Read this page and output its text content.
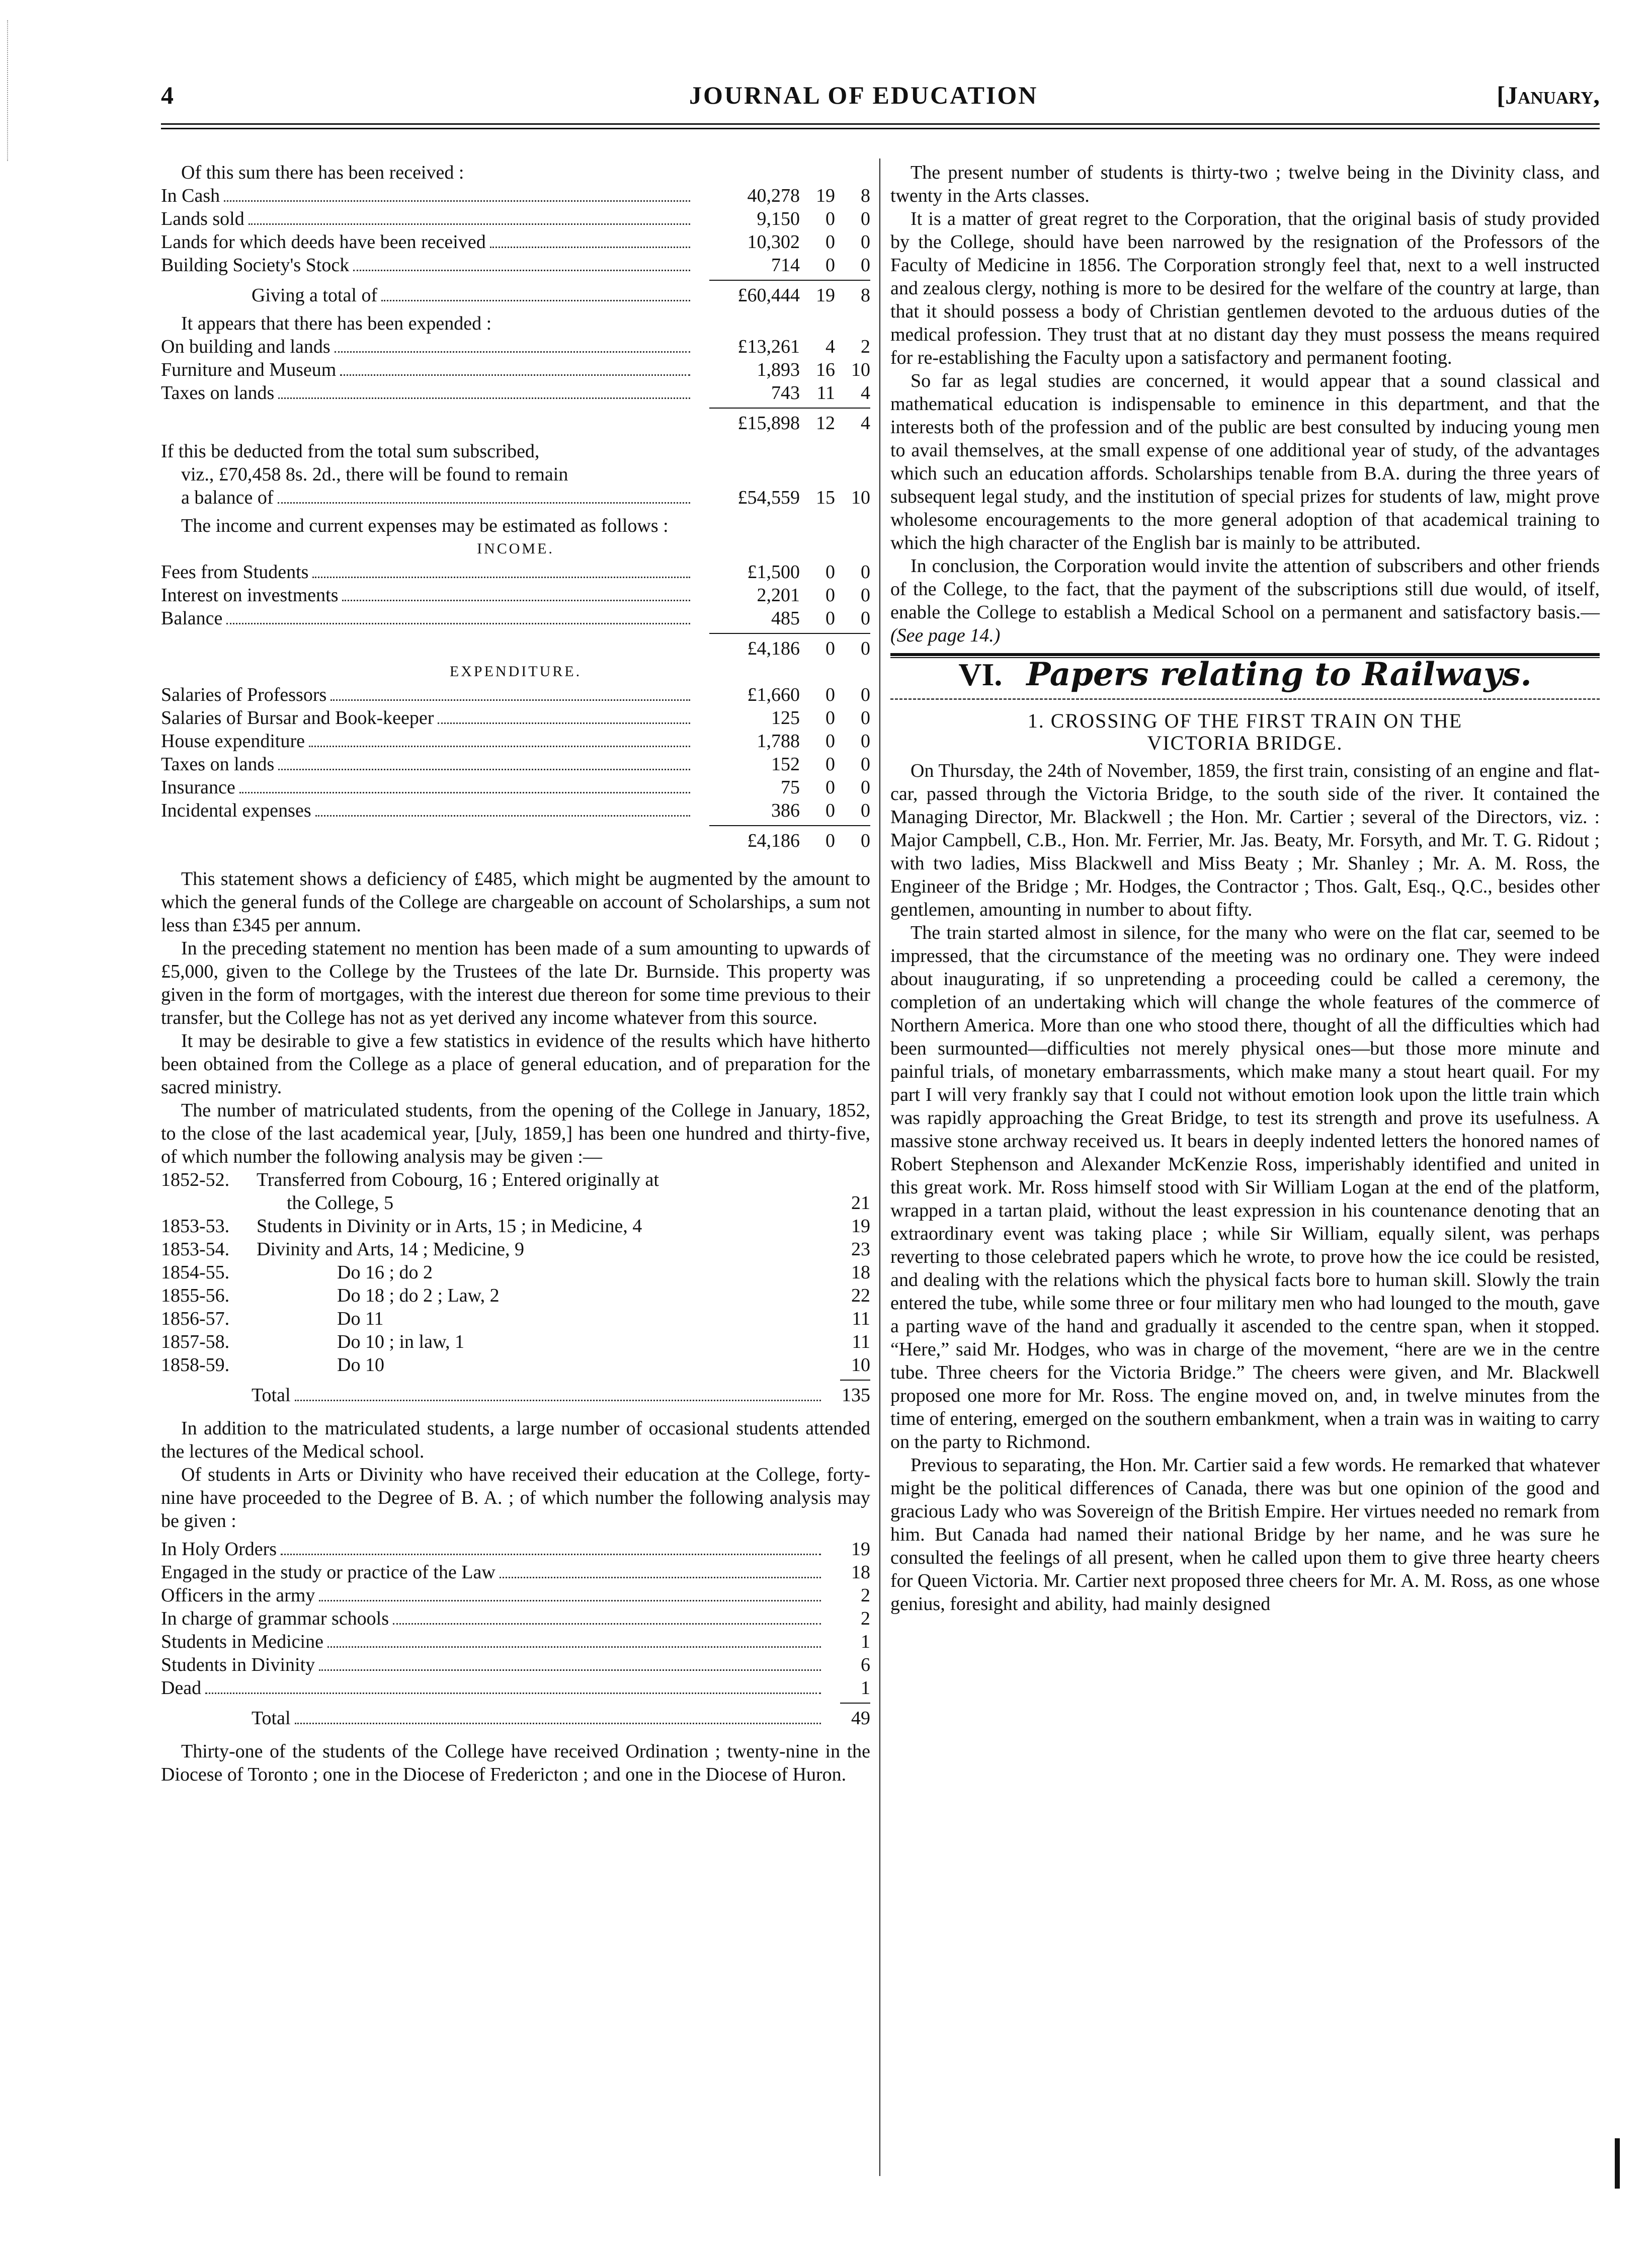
4	JOURNAL OF EDUCATION	[January,

Of this sum there has been received :

In Cash	40,278 19	8
Lands sold	9,150	0	0
Lands for which deeds have been received	10,302	0	0
Building Society's Stock	714	0	0
Giving a total of	£60,444 19	8

It appears that there has been expended :

On building and lands	£13,261	4	2
Furniture and Museum	1,893 16 10
Taxes on lands	743 11	4
£15,898 12	4

If this be deducted from the total sum subscribed,

viz., £70,458 8s. 2d., there will be found to remain

a balance of	£54,559 15 10

The income and current expenses may be estimated as follows :

INCOME.
Fees from Students	£1,500	0	0
Interest on investments	2,201	0	0
Balance	485	0	0
£4,186	0	0
EXPENDITURE.
Salaries of Professors	£1,660	0	0
Salaries of Bursar and Book-keeper	125	0	0
House expenditure	1,788	0	0
Taxes on lands	152	0	0
Insurance	75	0	0
Incidental expenses	386	0	0
£4,186	0	0

This statement shows a deficiency of £485, which might be augmented by the amount to which the general funds of the College are chargeable on account of Scholarships, a sum not less than £345 per annum.

In the preceding statement no mention has been made of a sum amounting to upwards of £5,000, given to the College by the Trustees of the late Dr. Burnside. This property was given in the form of mortgages, with the interest due thereon for some time previous to their transfer, but the College has not as yet derived any income whatever from this source.

It may be desirable to give a few statistics in evidence of the results which have hitherto been obtained from the College as a place of general education, and of preparation for the sacred ministry.

The number of matriculated students, from the opening of the College in January, 1852, to the close of the last academical year, [July, 1859,] has been one hundred and thirty-five, of which number the following analysis may be given :—

1852-52.	Transferred from Cobourg, 16 ; Entered originally at
the College, 5	21
1853-53.	Students in Divinity or in Arts, 15 ; in Medicine, 4	19
1853-54.	Divinity and Arts, 14 ; Medicine, 9	23
1854-55.	Do 16 ; do 2	18
1855-56.	Do 18 ; do 2 ; Law, 2	22
1856-57.	Do 11	11
1857-58.	Do 10 ; in law, 1	11
1858-59.	Do 10	10
Total	135

In addition to the matriculated students, a large number of occasional students attended the lectures of the Medical school.

Of students in Arts or Divinity who have received their education at the College, forty-nine have proceeded to the Degree of B. A. ; of which number the following analysis may be given :

In Holy Orders	19
Engaged in the study or practice of the Law	18
Officers in the army	2
In charge of grammar schools	2
Students in Medicine	1
Students in Divinity	6
Dead	1
Total	49

Thirty-one of the students of the College have received Ordination ; twenty-nine in the Diocese of Toronto ; one in the Diocese of Fredericton ; and one in the Diocese of Huron.

The present number of students is thirty-two ; twelve being in the Divinity class, and twenty in the Arts classes.

It is a matter of great regret to the Corporation, that the original basis of study provided by the College, should have been narrowed by the resignation of the Professors of the Faculty of Medicine in 1856. The Corporation strongly feel that, next to a well instructed and zealous clergy, nothing is more to be desired for the welfare of the country at large, than that it should possess a body of Christian gentlemen devoted to the arduous duties of the medical profession. They trust that at no distant day they must possess the means required for re-establishing the Faculty upon a satisfactory and permanent footing.

So far as legal studies are concerned, it would appear that a sound classical and mathematical education is indispensable to eminence in this department, and that the interests both of the profession and of the public are best consulted by inducing young men to avail themselves, at the small expense of one additional year of study, of the advantages which such an education affords. Scholarships tenable from B.A. during the three years of subsequent legal study, and the institution of special prizes for students of law, might prove wholesome encouragements to the more general adoption of that academical training to which the high character of the English bar is mainly to be attributed.

In conclusion, the Corporation would invite the attention of subscribers and other friends of the College, to the fact, that the payment of the subscriptions still due would, of itself, enable the College to establish a Medical School on a permanent and satisfactory basis.— (See page 14.)

VI. Papers relating to Railways.
1. CROSSING OF THE FIRST TRAIN ON THE
VICTORIA BRIDGE.

On Thursday, the 24th of November, 1859, the first train, consisting of an engine and flat-car, passed through the Victoria Bridge, to the south side of the river. It contained the Managing Director, Mr. Blackwell ; the Hon. Mr. Cartier ; several of the Directors, viz. : Major Campbell, C.B., Hon. Mr. Ferrier, Mr. Jas. Beaty, Mr. Forsyth, and Mr. T. G. Ridout ; with two ladies, Miss Blackwell and Miss Beaty ; Mr. Shanley ; Mr. A. M. Ross, the Engineer of the Bridge ; Mr. Hodges, the Contractor ; Thos. Galt, Esq., Q.C., besides other gentlemen, amounting in number to about fifty.

The train started almost in silence, for the many who were on the flat car, seemed to be impressed, that the circumstance of the meeting was no ordinary one. They were indeed about inaugurating, if so unpretending a proceeding could be called a ceremony, the completion of an undertaking which will change the whole features of the commerce of Northern America. More than one who stood there, thought of all the difficulties which had been surmounted—difficulties not merely physical ones—but those more minute and painful trials, of monetary embarrassments, which make many a stout heart quail. For my part I will very frankly say that I could not without emotion look upon the little train which was rapidly approaching the Great Bridge, to test its strength and prove its usefulness. A massive stone archway received us. It bears in deeply indented letters the honored names of Robert Stephenson and Alexander McKenzie Ross, imperishably identified and united in this great work. Mr. Ross himself stood with Sir William Logan at the end of the platform, wrapped in a tartan plaid, without the least expression in his countenance denoting that an extraordinary event was taking place ; while Sir William, equally silent, was perhaps reverting to those celebrated papers which he wrote, to prove how the ice could be resisted, and dealing with the relations which the physical facts bore to human skill. Slowly the train entered the tube, while some three or four military men who had lounged to the mouth, gave a parting wave of the hand and gradually it ascended to the centre span, when it stopped. “Here,” said Mr. Hodges, who was in charge of the movement, “here are we in the centre tube. Three cheers for the Victoria Bridge.” The cheers were given, and Mr. Blackwell proposed one more for Mr. Ross. The engine moved on, and, in twelve minutes from the time of entering, emerged on the southern embankment, when a train was in waiting to carry on the party to Richmond.

Previous to separating, the Hon. Mr. Cartier said a few words. He remarked that whatever might be the political differences of Canada, there was but one opinion of the good and gracious Lady who was Sovereign of the British Empire. Her virtues needed no remark from him. But Canada had named their national Bridge by her name, and he was sure he consulted the feelings of all present, when he called upon them to give three hearty cheers for Queen Victoria. Mr. Cartier next proposed three cheers for Mr. A. M. Ross, as one whose genius, foresight and ability, had mainly designed
